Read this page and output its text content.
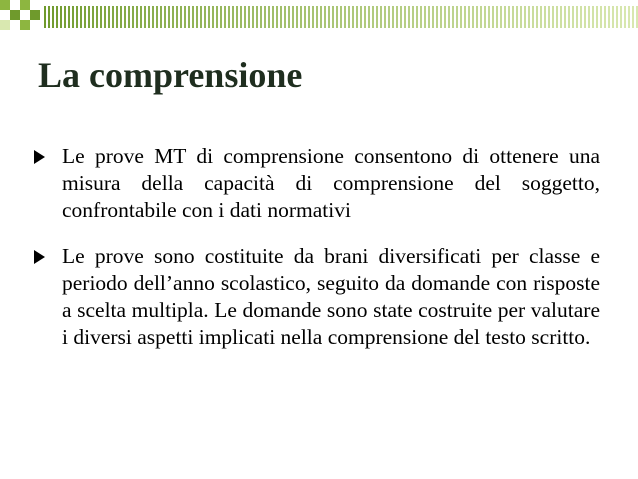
La comprensione
Le prove MT di comprensione consentono di ottenere una misura della capacità di comprensione del soggetto, confrontabile con i dati normativi
Le prove sono costituite da brani diversificati per classe e periodo dell’anno scolastico, seguito da domande con risposte a scelta multipla. Le domande sono state costruite per valutare i diversi aspetti implicati nella comprensione del testo scritto.
